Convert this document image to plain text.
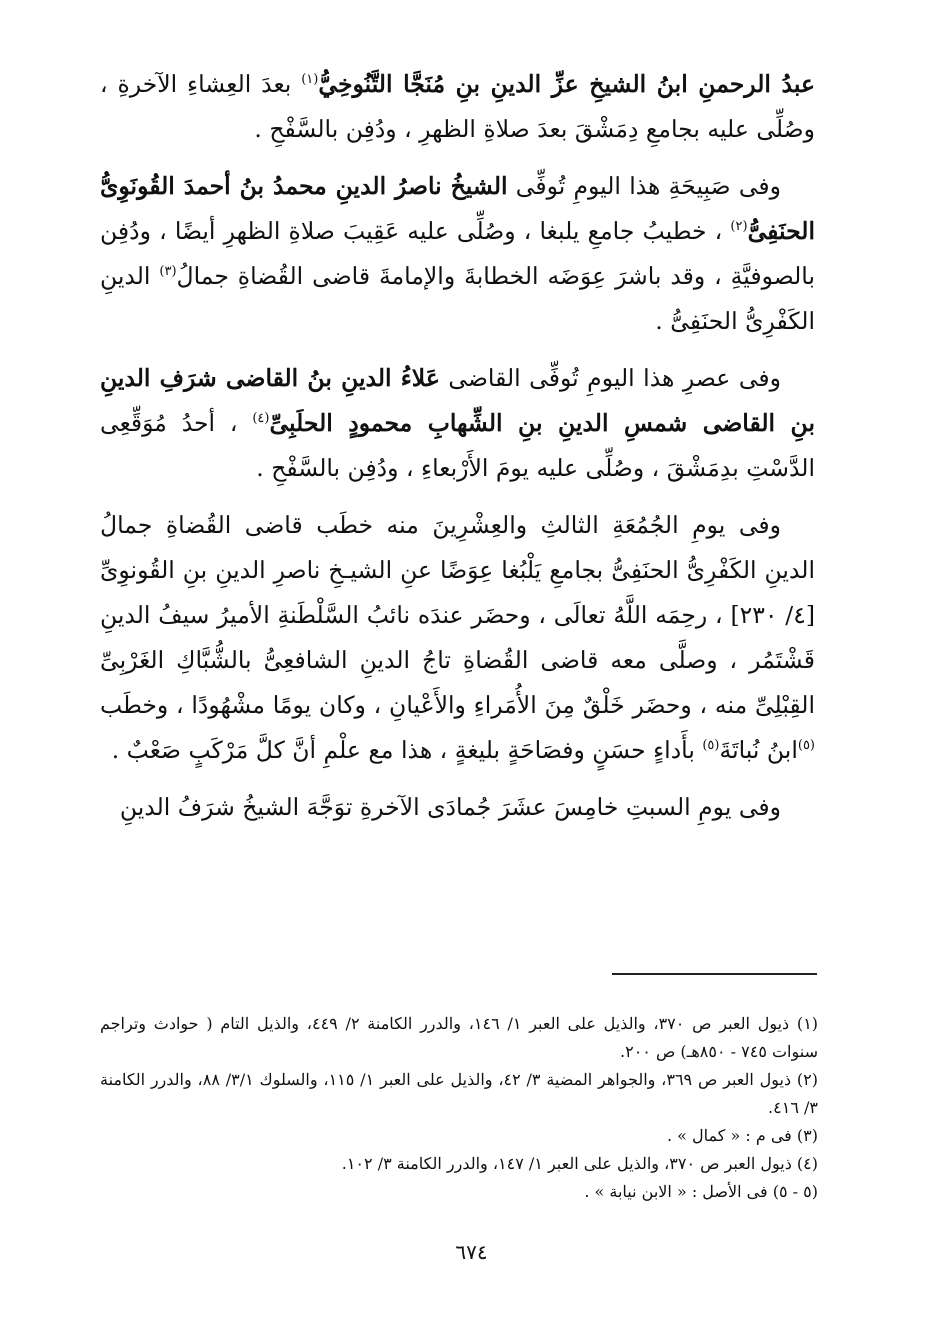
عبدُ الرحمنِ ابنُ الشيخِ عزِّ الدينِ بنِ مُنَجَّا التَّنُوخِيُّ$^{(١)}$ بعدَ العِشاءِ الآخرةِ ، وصُلِّى عليه بجامعِ دِمَشْقَ بعدَ صلاةِ الظهرِ ، ودُفِن بالسَّفْحِ .

وفى صَبِيحَةِ هذا اليومِ تُوفِّى الشيخُ ناصرُ الدينِ محمدُ بنُ أحمدَ القُونَوِىُّ الحنَفِىُّ$^{(٢)}$ ، خطيبُ جامعِ يلبغا ، وصُلِّى عليه عَقِيبَ صلاةِ الظهرِ أيضًا ، ودُفِن بالصوفيَّةِ ، وقد باشرَ عِوَضَه الخطابةَ والإمامةَ قاضى القُضاةِ جمالُ$^{(٣)}$ الدينِ الكَفْرِىُّ الحنَفِىُّ .

وفى عصرِ هذا اليومِ تُوفِّى القاضى عَلاءُ الدينِ بنُ القاضى شرَفِ الدينِ بنِ القاضى شمسِ الدينِ بنِ الشِّهابِ محمودٍ الحلَبِىِّ$^{(٤)}$ ، أحدُ مُوَقِّعِى الدَّسْتِ بدِمَشْقَ ، وصُلِّى عليه يومَ الأَرْبعاءِ ، ودُفِن بالسَّفْحِ .

وفى يومِ الجُمُعَةِ الثالثِ والعِشْرِينَ منه خطَب قاضى القُضاةِ جمالُ الدينِ الكَفْرِىُّ الحنَفِىُّ بجامعِ يَلْبُغا عِوَضًا عنِ الشيـخِ ناصرِ الدينِ بنِ القُونوِىِّ [٤/ ٢٣٠] ، رحِمَه اللَّهُ تعالَى ، وحضَر عندَه نائبُ السَّلْطَنةِ الأميرُ سيفُ الدينِ قَشْتَمُر ، وصلَّى معه قاضى القُضاةِ تاجُ الدينِ الشافعِىُّ بالشُّبَّاكِ الغَرْبِىِّ القِبْلِىِّ منه ، وحضَر خَلْقٌ مِنَ الأُمَراءِ والأَعْيانِ ، وكان يومًا مشْهُودًا ، وخطَب $^{(٥)}$ابنُ نُباتَةَ$^{(٥)}$ بأَداءٍ حسَنٍ وفصَاحَةٍ بليغةٍ ، هذا مع علْمِ أنَّ كلَّ مَرْكَبٍ صَعْبٌ .

وفى يومِ السبتِ خامِسَ عشَرَ جُمادَى الآخرةِ توَجَّهَ الشيخُ شرَفُ الدينِ

(١) ذيول العبر ص ٣٧٠، والذيل على العبر ١/ ١٤٦، والدرر الكامنة ٢/ ٤٤٩، والذيل التام ( حوادث وتراجم سنوات ٧٤٥ - ٨٥٠هـ) ص ٢٠٠.

(٢) ذيول العبر ص ٣٦٩، والجواهر المضية ٣/ ٤٢، والذيل على العبر ١/ ١١٥، والسلوك ٣/١/ ٨٨، والدرر الكامنة ٣/ ٤١٦.

(٣) فى م : « كمال » .

(٤) ذيول العبر ص ٣٧٠، والذيل على العبر ١/ ١٤٧، والدرر الكامنة ٣/ ١٠٢.

(٥ - ٥) فى الأصل : « الابن نيابة » .

٦٧٤
